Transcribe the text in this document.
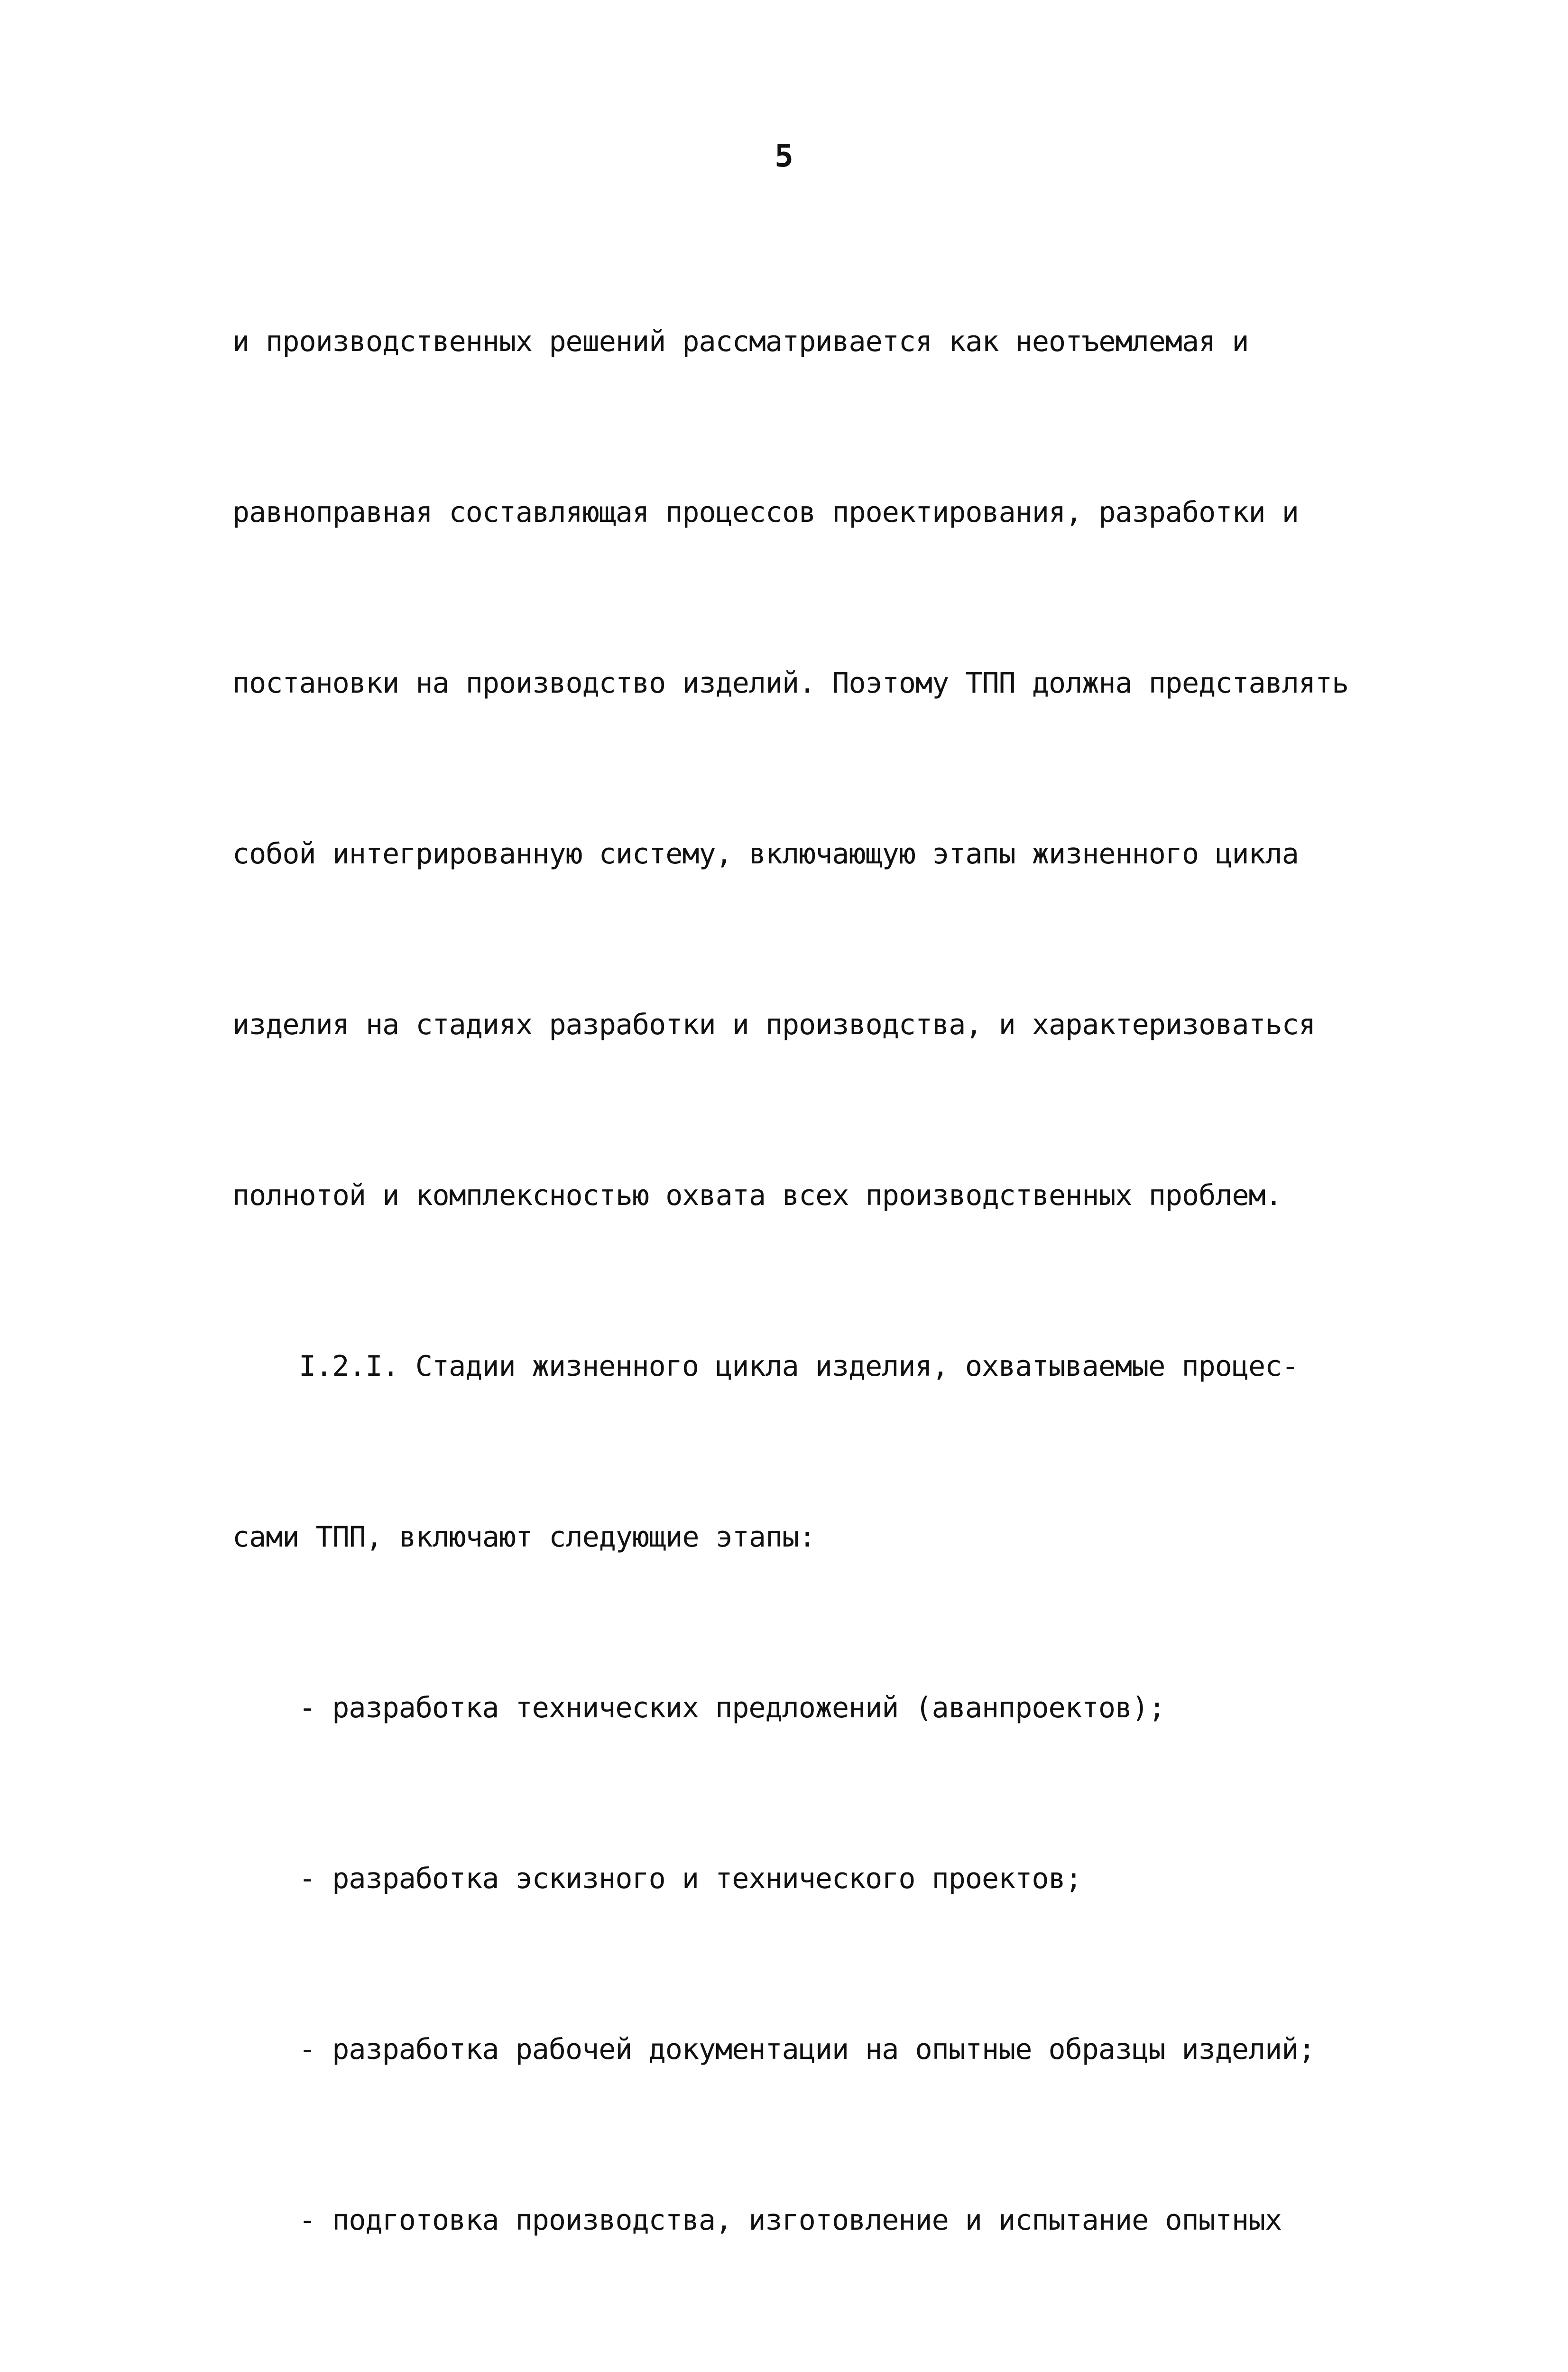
5

и производственных решений рассматривается как неотъемлемая и

равноправная составляющая процессов проектирования, разработки и

постановки на производство изделий. Поэтому ТПП должна представлять

собой интегрированную систему, включающую этапы жизненного цикла

изделия на стадиях разработки и производства, и характеризоваться

полнотой и комплексностью охвата всех производственных проблем.

I.2.I. Стадии жизненного цикла изделия, охватываемые процес-

сами ТПП, включают следующие этапы:

- разработка технических предложений (аванпроектов);

- разработка эскизного и технического проектов;

- разработка рабочей документации на опытные образцы изделий;

- подготовка производства, изготовление и испытание опытных
